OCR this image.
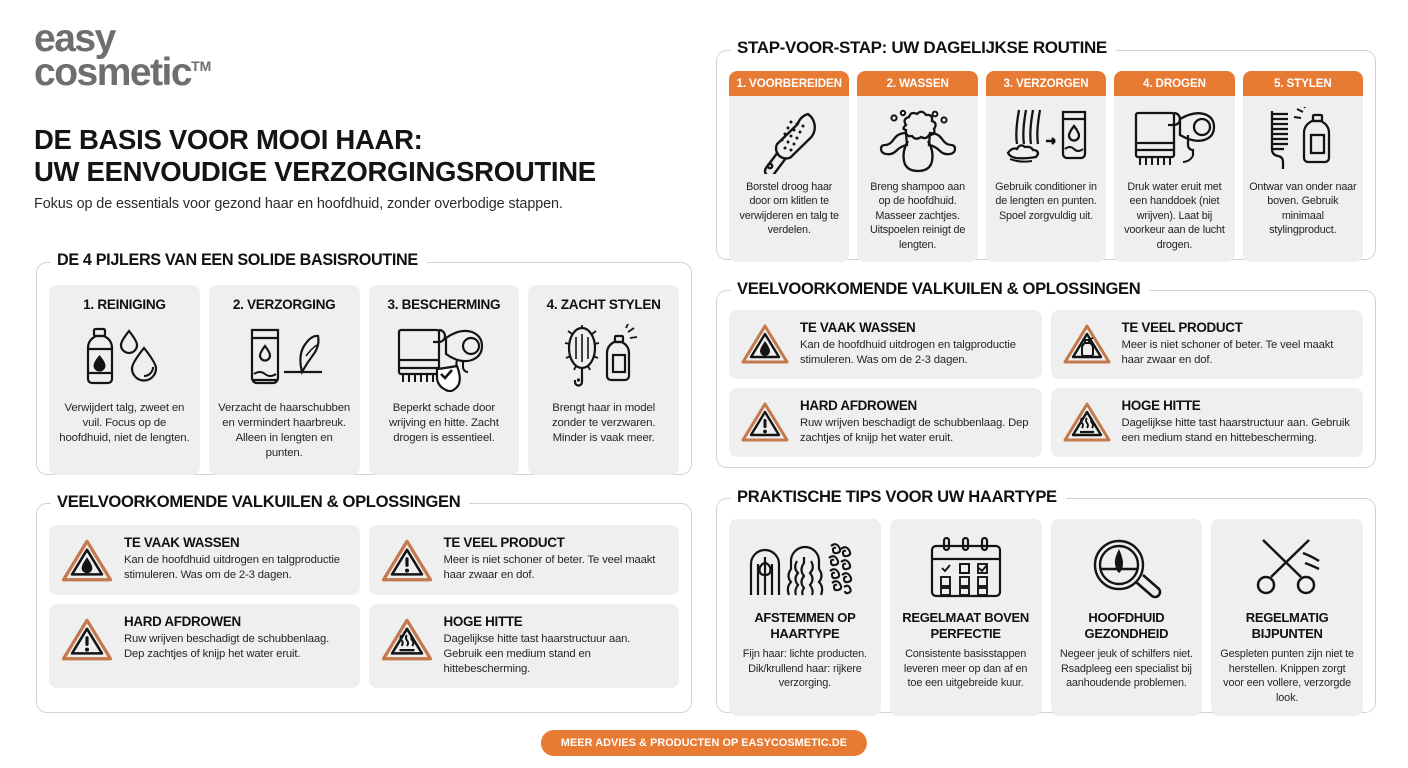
easy
cosmetic™
DE BASIS VOOR MOOI HAAR:
UW EENVOUDIGE VERZORGINGSROUTINE

Fokus op de essentials voor gezond haar en hoofdhuid, zonder overbodige stappen.

DE 4 PIJLERS VAN EEN SOLIDE BASISROUTINE
1. REINIGING
Verwijdert talg, zweet en vuil. Focus op de hoofdhuid, niet de lengten.
2. VERZORGING
Verzacht de haarschubben en vermindert haarbreuk. Alleen in lengten en punten.
3. BESCHERMING
Beperkt schade door wrijving en hitte. Zacht drogen is essentieel.
4. ZACHT STYLEN
Brengt haar in model zonder te verzwaren. Minder is vaak meer.
STAP-VOOR-STAP: UW DAGELIJKSE ROUTINE
1. VOORBEREIDEN
Borstel droog haar door om klitlen te verwijderen en talg te verdelen.
2. WASSEN
Breng shampoo aan op de hoofdhuid. Masseer zachtjes. Uitspoelen reinigt de lengten.
3. VERZORGEN
Gebruik conditioner in de lengten en punten. Spoel zorgvuldig uit.
4. DROGEN
Druk water eruit met een handdoek (niet wrijven). Laat bij voorkeur aan de lucht drogen.
5. STYLEN
Ontwar van onder naar boven. Gebruik minimaal stylingproduct.
VEELVOORKOMENDE VALKUILEN & OPLOSSINGEN
TE VAAK WASSEN

Kan de hoofdhuid uitdrogen en talgproductie stimuleren. Was om de 2-3 dagen.

TE VEEL PRODUCT

Meer is niet schoner of beter. Te veel maakt haar zwaar en dof.

HARD AFDROWEN

Ruw wrijven beschadigt de schubbenlaag. Dep zachtjes of knijp het water eruit.

HOGE HITTE

Dagelijkse hitte tast haarstructuur aan. Gebruik een medium stand en hittebescherming.

VEELVOORKOMENDE VALKUILEN & OPLOSSINGEN
TE VAAK WASSEN

Kan de hoofdhuid uitdrogen en talgproductie stimuleren. Was om de 2-3 dagen.

TE VEEL PRODUCT

Meer is niet schoner of beter. Te veel maakt haar zwaar en dof.

HARD AFDROWEN

Ruw wrijven beschadigt de schubbenlaag. Dep zachtjes of knijp het water eruit.

HOGE HITTE

Dagelijkse hitte tast haarstructuur aan. Gebruik een medium stand en hittebescherming.

PRAKTISCHE TIPS VOOR UW HAARTYPE
AFSTEMMEN OP HAARTYPE
Fijn haar: lichte producten. Dik/krullend haar: rijkere verzorging.
REGELMAAT BOVEN PERFECTIE
Consistente basisstappen leveren meer op dan af en toe een uitgebreide kuur.
HOOFDHUID GEZONDHEID
Negeer jeuk of schilfers niet. Rsadpleeg een specialist bij aanhoudende problemen.
REGELMATIG BIJPUNTEN
Gespleten punten zijn niet te herstellen. Knippen zorgt voor een vollere, verzorgde look.
MEER ADVIES & PRODUCTEN OP EASYCOSMETIC.DE
